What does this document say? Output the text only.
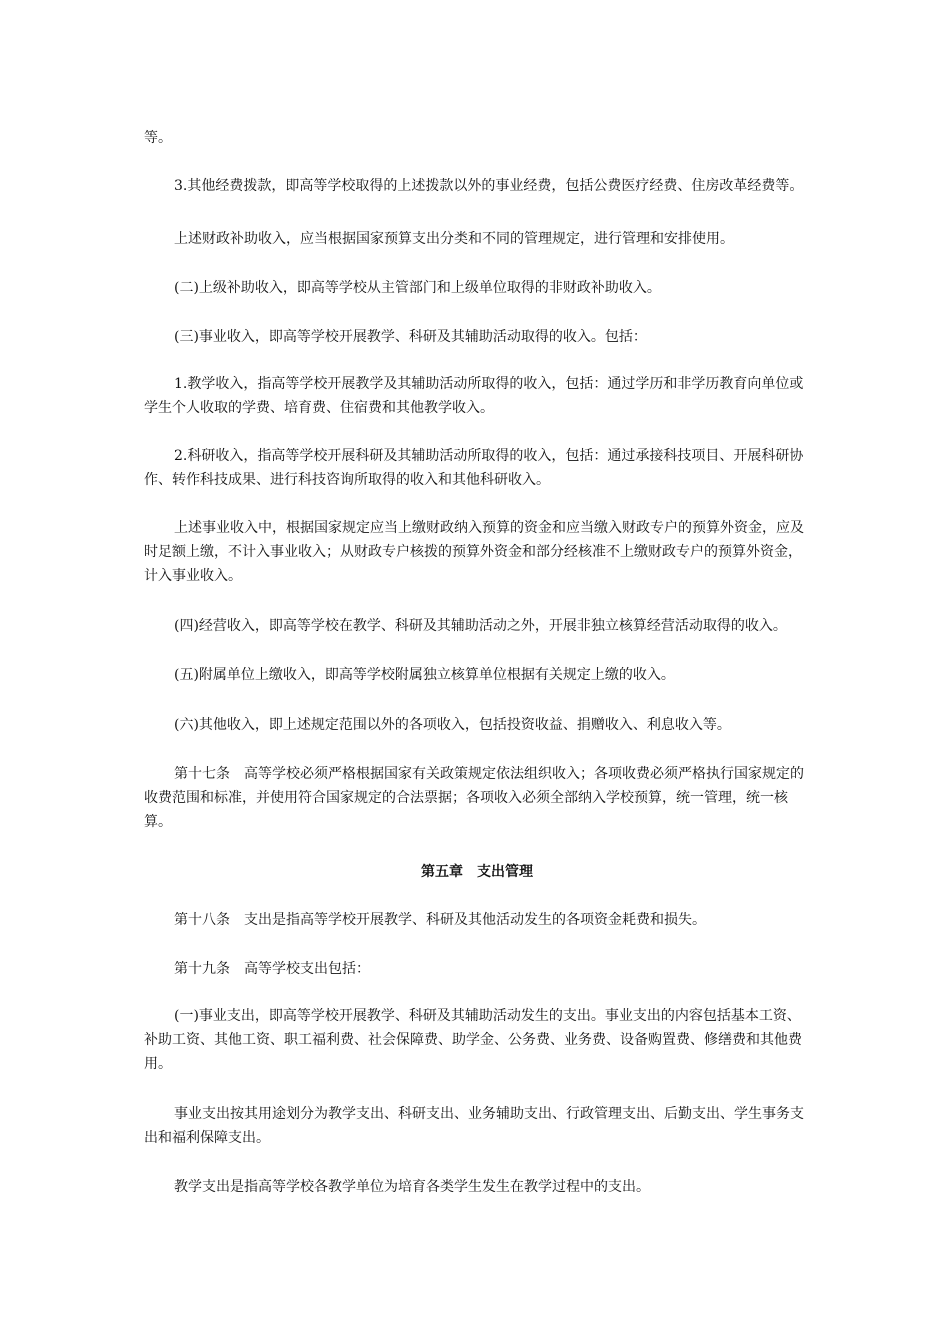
等。

3.其他经费拨款，即高等学校取得的上述拨款以外的事业经费，包括公费医疗经费、住房改革经费等。

上述财政补助收入，应当根据国家预算支出分类和不同的管理规定，进行管理和安排使用。

(二)上级补助收入，即高等学校从主管部门和上级单位取得的非财政补助收入。

(三)事业收入，即高等学校开展教学、科研及其辅助活动取得的收入。包括：

1.教学收入，指高等学校开展教学及其辅助活动所取得的收入，包括：通过学历和非学历教育向单位或学生个人收取的学费、培育费、住宿费和其他教学收入。

2.科研收入，指高等学校开展科研及其辅助活动所取得的收入，包括：通过承接科技项目、开展科研协作、转作科技成果、进行科技咨询所取得的收入和其他科研收入。

上述事业收入中，根据国家规定应当上缴财政纳入预算的资金和应当缴入财政专户的预算外资金，应及时足额上缴，不计入事业收入；从财政专户核拨的预算外资金和部分经核准不上缴财政专户的预算外资金，计入事业收入。

(四)经营收入，即高等学校在教学、科研及其辅助活动之外，开展非独立核算经营活动取得的收入。

(五)附属单位上缴收入，即高等学校附属独立核算单位根据有关规定上缴的收入。

(六)其他收入，即上述规定范围以外的各项收入，包括投资收益、捐赠收入、利息收入等。

第十七条　高等学校必须严格根据国家有关政策规定依法组织收入；各项收费必须严格执行国家规定的收费范围和标准，并使用符合国家规定的合法票据；各项收入必须全部纳入学校预算，统一管理，统一核算。

第五章　支出管理

第十八条　支出是指高等学校开展教学、科研及其他活动发生的各项资金耗费和损失。

第十九条　高等学校支出包括：

(一)事业支出，即高等学校开展教学、科研及其辅助活动发生的支出。事业支出的内容包括基本工资、补助工资、其他工资、职工福利费、社会保障费、助学金、公务费、业务费、设备购置费、修缮费和其他费用。

事业支出按其用途划分为教学支出、科研支出、业务辅助支出、行政管理支出、后勤支出、学生事务支出和福利保障支出。

教学支出是指高等学校各教学单位为培育各类学生发生在教学过程中的支出。
